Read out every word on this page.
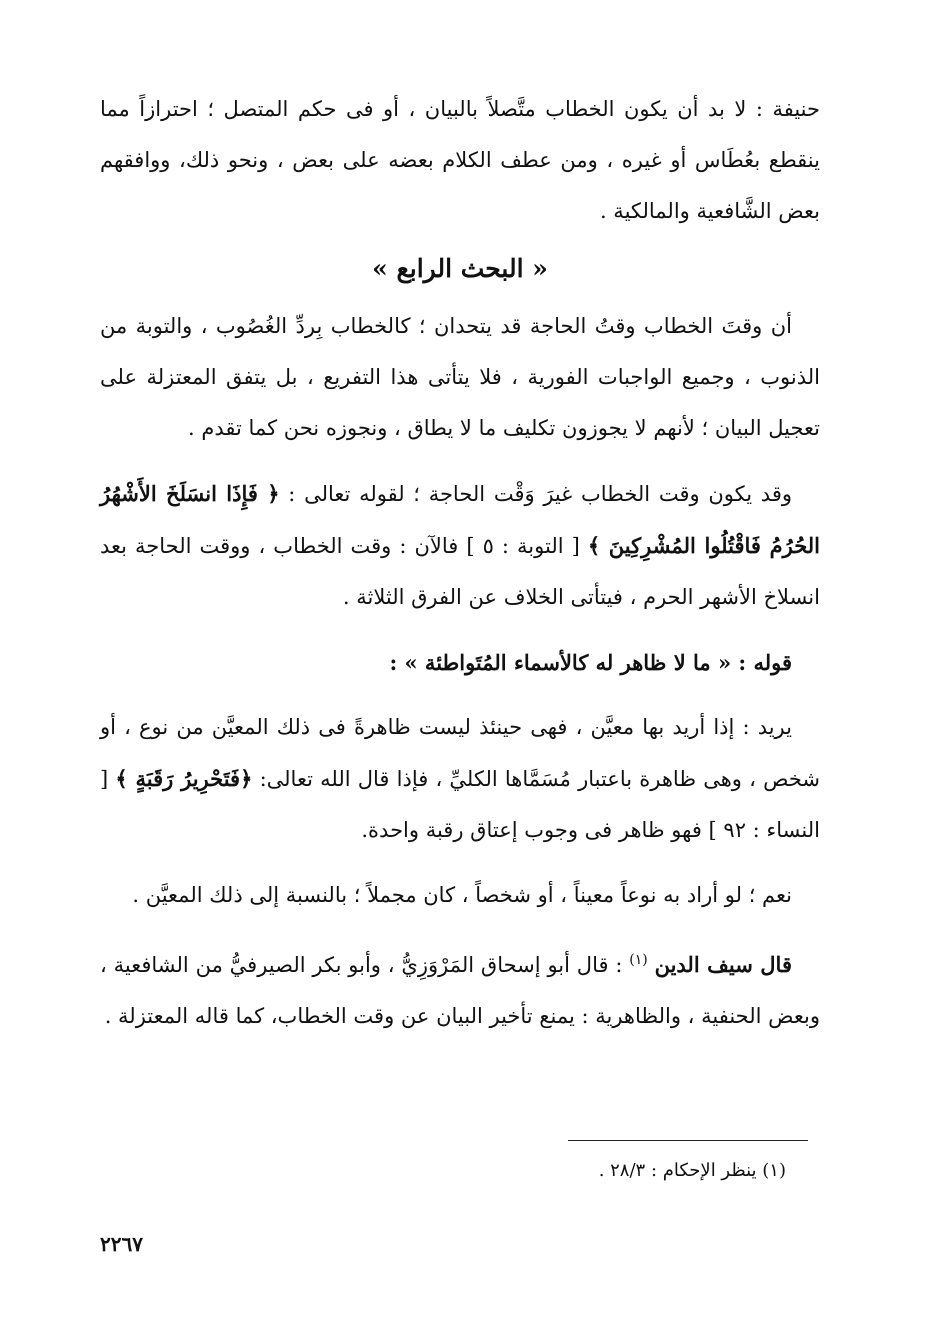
حنيفة : لا بد أن يكون الخطاب متَّصلاً بالبيان ، أو فى حكم المتصل ؛ احترازاً مما ينقطع بعُطَاس أو غيره ، ومن عطف الكلام بعضه على بعض ، ونحو ذلك، ووافقهم بعض الشَّافعية والمالكية .

« البحث الرابع »

أن وقتَ الخطاب وقتُ الحاجة قد يتحدان ؛ كالخطاب بِردِّ الغُصُوب ، والتوبة من الذنوب ، وجميع الواجبات الفورية ، فلا يتأتى هذا التفريع ، بل يتفق المعتزلة على تعجيل البيان ؛ لأنهم لا يجوزون تكليف ما لا يطاق ، ونجوزه نحن كما تقدم .

وقد يكون وقت الخطاب غيرَ وَقْت الحاجة ؛ لقوله تعالى : ﴿ فَإِذَا انسَلَخَ الأَشْهُرُ الحُرُمُ فَاقْتُلُوا المُشْرِكِينَ ﴾ [ التوبة : ٥ ] فالآن : وقت الخطاب ، ووقت الحاجة بعد انسلاخ الأشهر الحرم ، فيتأتى الخلاف عن الفرق الثلاثة .

قوله : « ما لا ظاهر له كالأسماء المُتَواطئة » :

يريد : إذا أريد بها معيَّن ، فهى حينئذ ليست ظاهرةً فى ذلك المعيَّن من نوع ، أو شخص ، وهى ظاهرة باعتبار مُسَمَّاها الكليِّ ، فإذا قال الله تعالى: ﴿فَتَحْرِيرُ رَقَبَةٍ ﴾ [ النساء : ٩٢ ] فهو ظاهر فى وجوب إعتاق رقبة واحدة.

نعم ؛ لو أراد به نوعاً معيناً ، أو شخصاً ، كان مجملاً ؛ بالنسبة إلى ذلك المعيَّن .

قال سيف الدين $^{(١)}$ : قال أبو إسحاق المَرْوَزِيُّ ، وأبو بكر الصيرفيُّ من الشافعية ، وبعض الحنفية ، والظاهرية : يمنع تأخير البيان عن وقت الخطاب، كما قاله المعتزلة .

(١) ينظر الإحكام : ٢٨/٣ .
٢٢٦٧
